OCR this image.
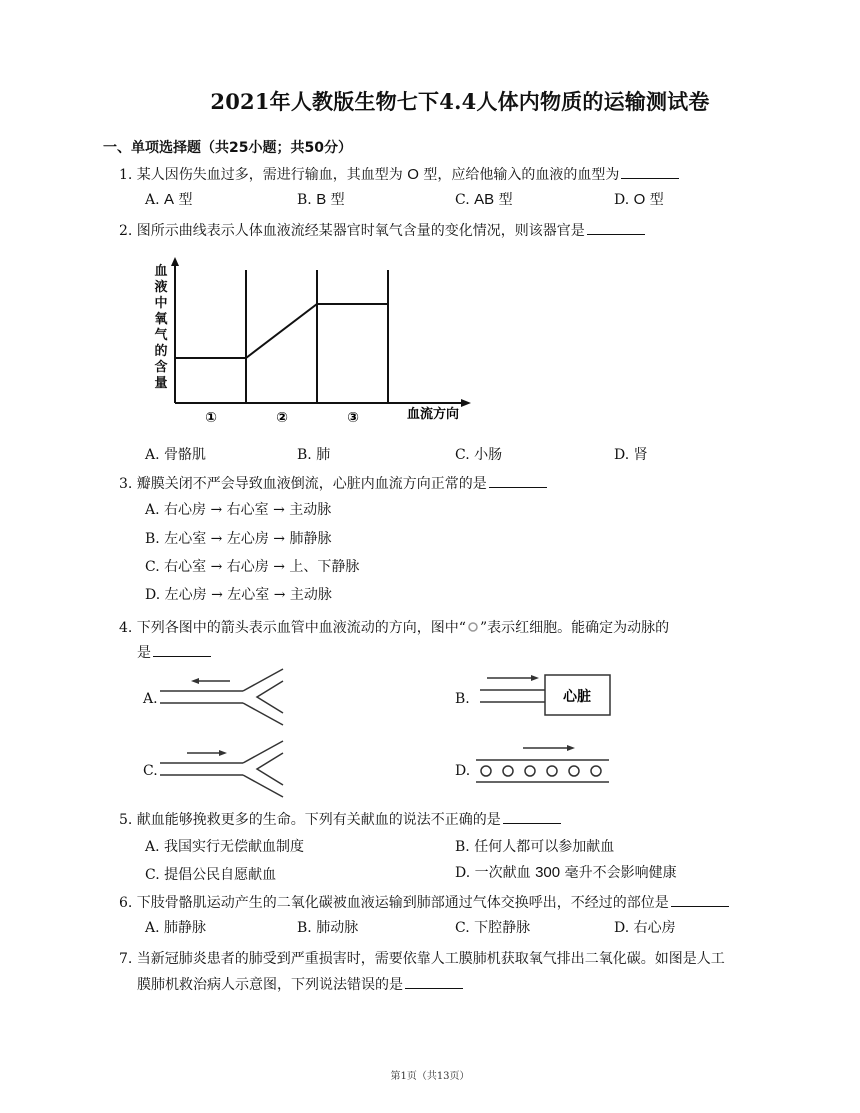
2021年人教版生物七下4.4人体内物质的运输测试卷
一、单项选择题（共25小题；共50分）
1. 某人因伤失血过多，需进行输血，其血型为 O 型，应给他输入的血液的血型为
A. A 型	B. B 型	C. AB 型	D. O 型
2. 图所示曲线表示人体血液流经某器官时氧气含量的变化情况，则该器官是
血液中氧气的含量
①	②	③	血流方向
A. 骨骼肌	B. 肺	C. 小肠	D. 肾
3. 瓣膜关闭不严会导致血液倒流，心脏内血流方向正常的是
A. 右心房 → 右心室 → 主动脉
B. 左心室 → 左心房 → 肺静脉
C. 右心室 → 右心房 → 上、下静脉
D. 左心房 → 左心室 → 主动脉
4. 下列各图中的箭头表示血管中血液流动的方向，图中“ ”表示红细胞。能确定为动脉的
是
A.	B.	心脏
C.	D.
5. 献血能够挽救更多的生命。下列有关献血的说法不正确的是
A. 我国实行无偿献血制度	B. 任何人都可以参加献血
C. 提倡公民自愿献血	D. 一次献血 300 毫升不会影响健康
6. 下肢骨骼肌运动产生的二氧化碳被血液运输到肺部通过气体交换呼出，不经过的部位是
A. 肺静脉	B. 肺动脉	C. 下腔静脉	D. 右心房
7. 当新冠肺炎患者的肺受到严重损害时，需要依靠人工膜肺机获取氧气排出二氧化碳。如图是人工
膜肺机救治病人示意图，下列说法错误的是
第1页（共13页）
